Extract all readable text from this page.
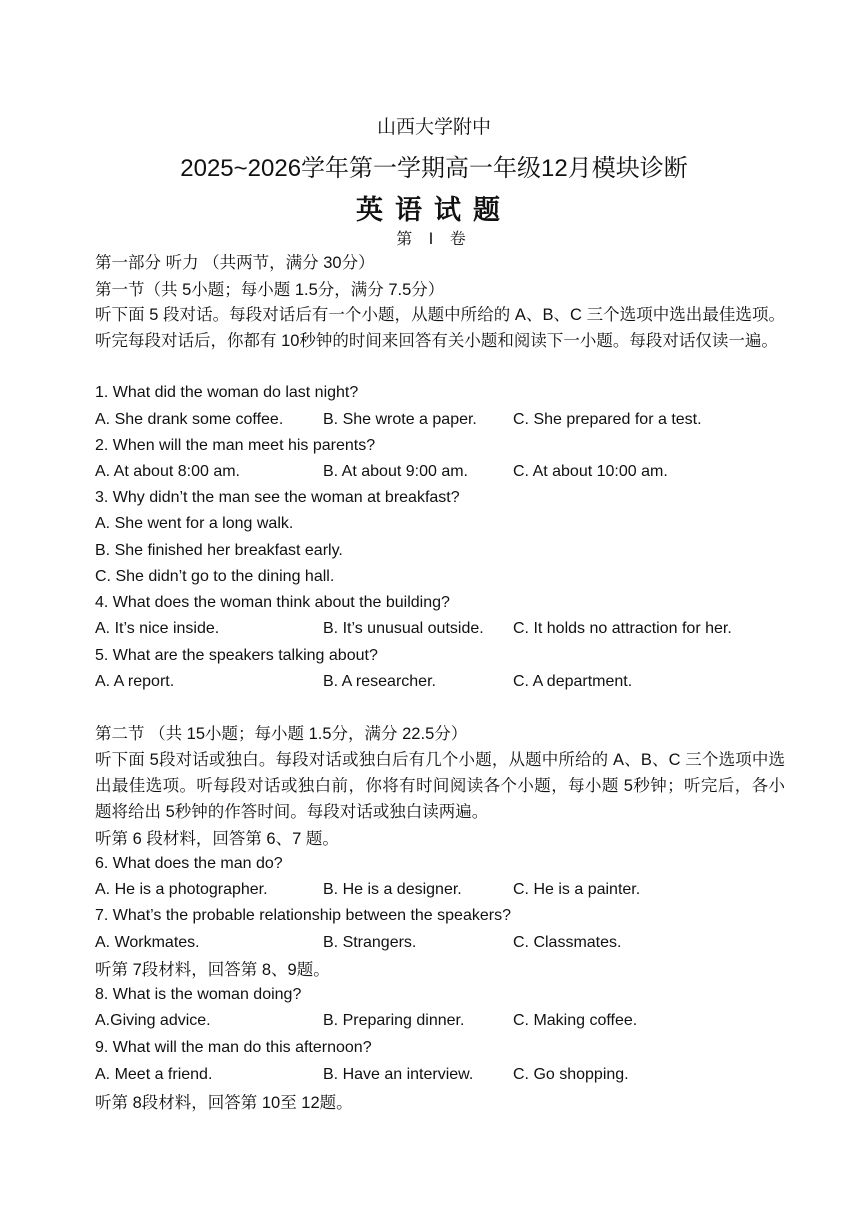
山西大学附中
2025~2026学年第一学期高一年级12月模块诊断
英语试题
第 Ⅰ 卷
第一部分 听力 （共两节，满分 30分）
第一节（共 5小题；每小题 1.5分，满分 7.5分）
听下面 5 段对话。每段对话后有一个小题，从题中所给的 A、B、C 三个选项中选出最佳选项。听完每段对话后，你都有 10秒钟的时间来回答有关小题和阅读下一小题。每段对话仅读一遍。
1. What did the woman do last night?
A. She drank some coffee. B. She wrote a paper. C. She prepared for a test.
2. When will the man meet his parents?
A. At about 8:00 am.	B. At about 9:00 am.	C. At about 10:00 am.
3. Why didn’t the man see the woman at breakfast?
A. She went for a long walk.
B. She finished her breakfast early.
C. She didn’t go to the dining hall.
4. What does the woman think about the building?
A. It’s nice inside.	B. It’s unusual outside. C. It holds no attraction for her.
5. What are the speakers talking about?
A. A report.	B. A researcher.	C. A department.
第二节 （共 15小题；每小题 1.5分，满分 22.5分）
听下面 5段对话或独白。每段对话或独白后有几个小题，从题中所给的 A、B、C 三个选项中选出最佳选项。听每段对话或独白前，你将有时间阅读各个小题，每小题 5秒钟；听完后，各小题将给出 5秒钟的作答时间。每段对话或独白读两遍。
听第 6 段材料，回答第 6、7 题。
6. What does the man do?
A. He is a photographer.	B. He is a designer.	C. He is a painter.
7. What’s the probable relationship between the speakers?
A. Workmates.	B. Strangers.	C. Classmates.
听第 7段材料，回答第 8、9题。
8. What is the woman doing?
A.Giving advice.	B. Preparing dinner.	C. Making coffee.
9. What will the man do this afternoon?
A. Meet a friend.	B. Have an interview. C. Go shopping.
听第 8段材料，回答第 10至 12题。
